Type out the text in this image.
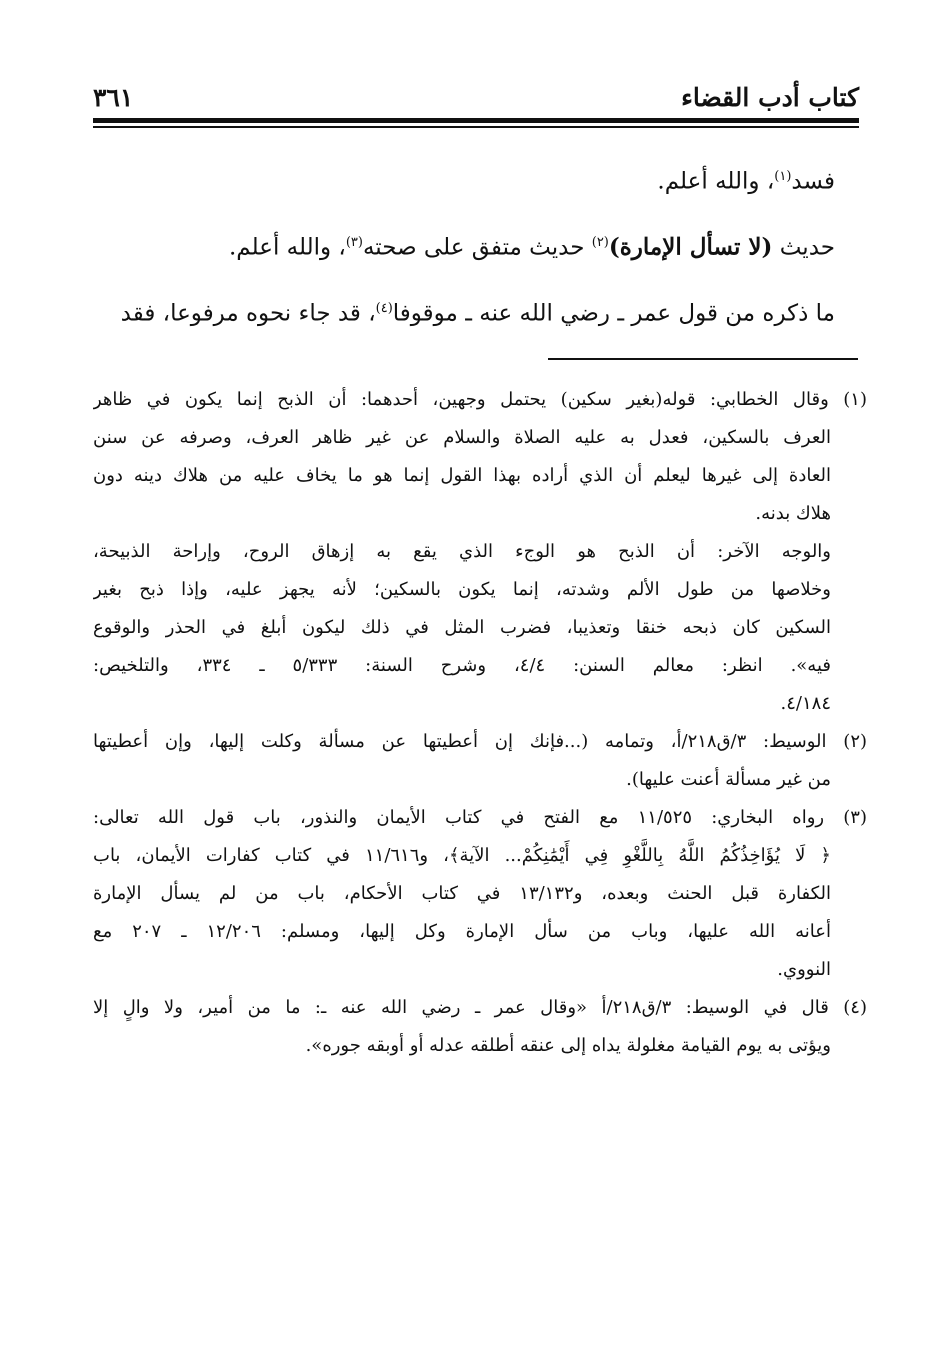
كتاب أدب القضاء
٣٦١
فسد$^{(١)}$، والله أعلم.
حديث (لا تسأل الإمارة)$^{(٢)}$ حديث متفق على صحته$^{(٣)}$، والله أعلم.
ما ذكره من قول عمر ـ رضي الله عنه ـ موقوفا$^{(٤)}$، قد جاء نحوه مرفوعا، فقد
(١) وقال الخطابي: قوله(بغير سكين) يحتمل وجهين، أحدهما: أن الذبح إنما يكون في ظاهر
العرف بالسكين، فعدل به عليه الصلاة والسلام عن غير ظاهر العرف، وصرفه عن سنن
العادة إلى غيرها ليعلم أن الذي أراده بهذا القول إنما هو ما يخاف عليه من هلاك دينه دون
هلاك بدنه.
والوجه الآخر: أن الذبح هو الوجء الذي يقع به إزهاق الروح، وإراحة الذبيحة،
وخلاصها من طول الألم وشدته، إنما يكون بالسكين؛ لأنه يجهز عليه، وإذا ذبح بغير
السكين كان ذبحه خنقا وتعذيبا، فضرب المثل في ذلك ليكون أبلغ في الحذر والوقوع
فيه». انظر: معالم السنن: ٤/٤، وشرح السنة: ٥/٣٣٣ ـ ٣٣٤، والتلخيص:
٤/١٨٤.
(٢) الوسيط: ٣/ق٢١٨/أ، وتمامه (...فإنك إن أعطيتها عن مسألة وكلت إليها، وإن أعطيتها
من غير مسألة أعنت عليها).
(٣) رواه البخاري: ١١/٥٢٥ مع الفتح في كتاب الأيمان والنذور، باب قول الله تعالى:
﴿ لَا يُؤَاخِذُكُمُ اللَّهُ بِاللَّغْوِ فِي أَيْمَٰنِكُمْ... الآية﴾، و١١/٦١٦ في كتاب كفارات الأيمان، باب
الكفارة قبل الحنث وبعده، و١٣/١٣٢ في كتاب الأحكام، باب من لم يسأل الإمارة
أعانه الله عليها، وباب من سأل الإمارة وكل إليها، ومسلم: ١٢/٢٠٦ ـ ٢٠٧ مع
النووي.
(٤) قال في الوسيط: ٣/ق٢١٨/أ «وقال عمر ـ رضي الله عنه ـ: ما من أمير، ولا والٍ إلا
ويؤتى به يوم القيامة مغلولة يداه إلى عنقه أطلقه عدله أو أوبقه جوره».
